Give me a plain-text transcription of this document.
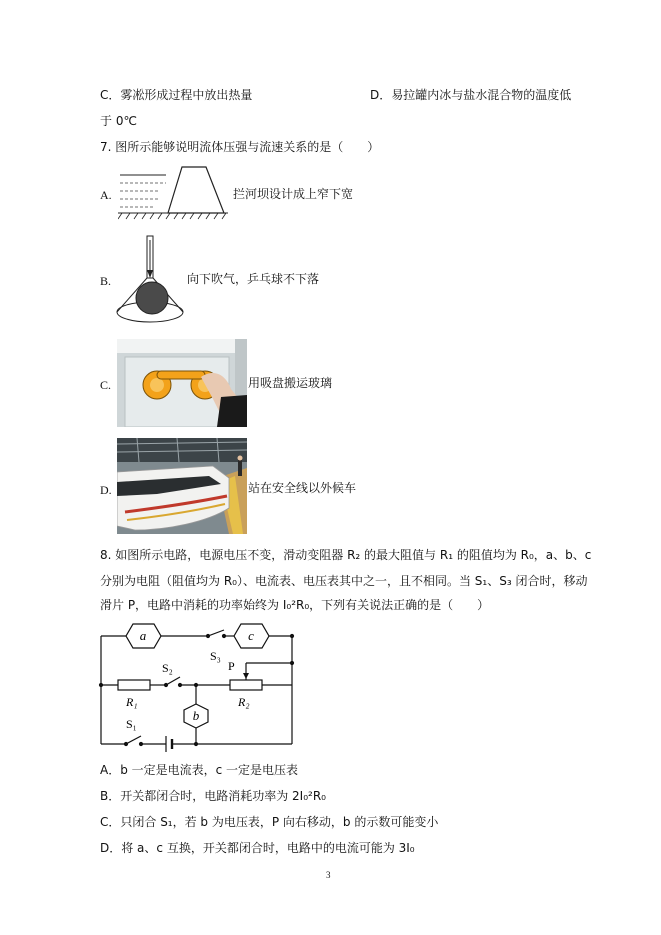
C．雾凇形成过程中放出热量	D．易拉罐内冰与盐水混合物的温度低
于 0℃
7. 图所示能够说明流体压强与流速关系的是（　　）
A.	拦河坝设计成上窄下宽
B.	向下吹气，乒乓球不下落
C.	用吸盘搬运玻璃
D.	站在安全线以外候车
8. 如图所示电路，电源电压不变，滑动变阻器 R₂ 的最大阻值与 R₁ 的阻值均为 R₀，a、b、c
分别为电阻（阻值均为 R₀）、电流表、电压表其中之一，且不相同。当 S₁、S₃ 闭合时，移动
滑片 P，电路中消耗的功率始终为 I₀²R₀，下列有关说法正确的是（　　）
a	c
b
S₃
S₂
S₁
R₁	R₂
P
A．b 一定是电流表，c 一定是电压表
B．开关都闭合时，电路消耗功率为 2I₀²R₀
C．只闭合 S₁，若 b 为电压表，P 向右移动，b 的示数可能变小
D．将 a、c 互换，开关都闭合时，电路中的电流可能为 3I₀
3
